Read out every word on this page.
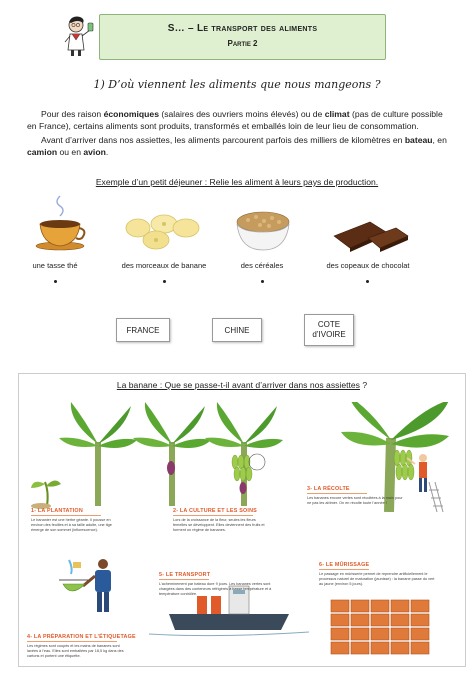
S… – Le transport des aliments
Partie 2
1) D’où viennent les aliments que nous mangeons ?
Pour des raison économiques (salaires des ouvriers moins élevés) ou de climat (pas de culture possible en France), certains aliments sont produits, transformés et emballés loin de leur lieu de consommation.
Avant d’arriver dans nos assiettes, les aliments parcourent parfois des milliers de kilomètres en bateau, en camion ou en avion.
Exemple d’un petit déjeuner : Relie les aliment à leurs pays de production.
une tasse thé	des morceaux de banane	des céréales	des copeaux de chocolat
FRANCE	CHINE
COTE d’IVOIRE
La banane : Que se passe-t-il avant d’arriver dans nos assiettes ?
1- LA PLANTATION
Le bananier est une herbe géante. Il pousse en environ des feuilles et à sa taille adulte, une tige émerge de son sommet (inflorescence).
2- LA CULTURE ET LES SOINS
Lors de la croissance de la fleur, seules les fleurs femelles se développent. Elles deviennent des fruits et forment un régime de bananes.
3- LA RÉCOLTE
Les bananes encore vertes sont récoltées à la main pour ne pas les abîmer. On en récolte toute l’année !
5- LE TRANSPORT
L’acheminement par bateau dure 9 jours. Les bananes vertes sont chargées dans des conteneurs réfrigérés à basse température et à température contrôlée.
6- LE MÛRISSAGE
Le passage en mûrisserie permet de reprendre artificiellement le processus naturel de maturation (jaunisse) : la banane passe du vert au jaune (environ 5 jours).
4- LA PRÉPARATION ET L’ÉTIQUETAGE
Les régimes sont coupés et les mains de bananes sont lavées à l’eau. Elles sont emballées par 18,5 kg dans des cartons et portent une étiquette.
